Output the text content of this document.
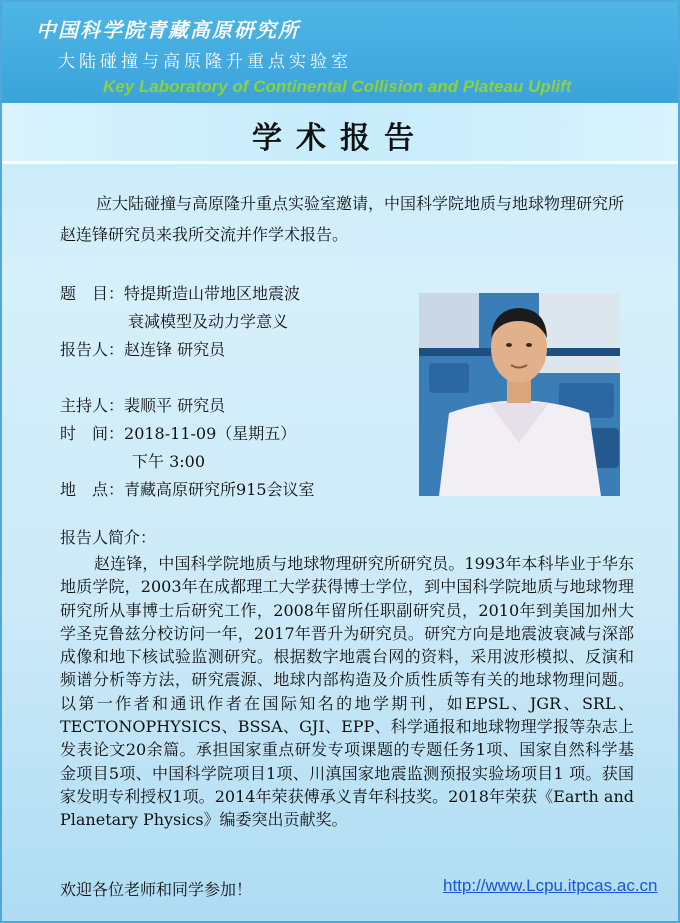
中国科学院青藏高原研究所
大陆碰撞与高原隆升重点实验室
Key Laboratory of Continental Collision and Plateau Uplift
学术报告
应大陆碰撞与高原隆升重点实验室邀请，中国科学院地质与地球物理研究所赵连锋研究员来我所交流并作学术报告。
题　目：特提斯造山带地区地震波
衰减模型及动力学意义
报告人：赵连锋 研究员
主持人：裴顺平 研究员
时　间：2018-11-09（星期五）
下午 3:00
地　点：青藏高原研究所915会议室
报告人简介：
赵连锋，中国科学院地质与地球物理研究所研究员。1993年本科毕业于华东地质学院，2003年在成都理工大学获得博士学位，到中国科学院地质与地球物理研究所从事博士后研究工作，2008年留所任职副研究员，2010年到美国加州大学圣克鲁兹分校访问一年，2017年晋升为研究员。研究方向是地震波衰减与深部成像和地下核试验监测研究。根据数字地震台网的资料，采用波形模拟、反演和频谱分析等方法，研究震源、地球内部构造及介质性质等有关的地球物理问题。以第一作者和通讯作者在国际知名的地学期刊，如EPSL、JGR、SRL、TECTONOPHYSICS、BSSA、GJI、EPP、科学通报和地球物理学报等杂志上发表论文20余篇。承担国家重点研发专项课题的专题任务1项、国家自然科学基金项目5项、中国科学院项目1项、川滇国家地震监测预报实验场项目1 项。获国家发明专利授权1项。2014年荣获傅承义青年科技奖。2018年荣获《Earth and Planetary Physics》编委突出贡献奖。
欢迎各位老师和同学参加！	http://www.Lcpu.itpcas.ac.cn
